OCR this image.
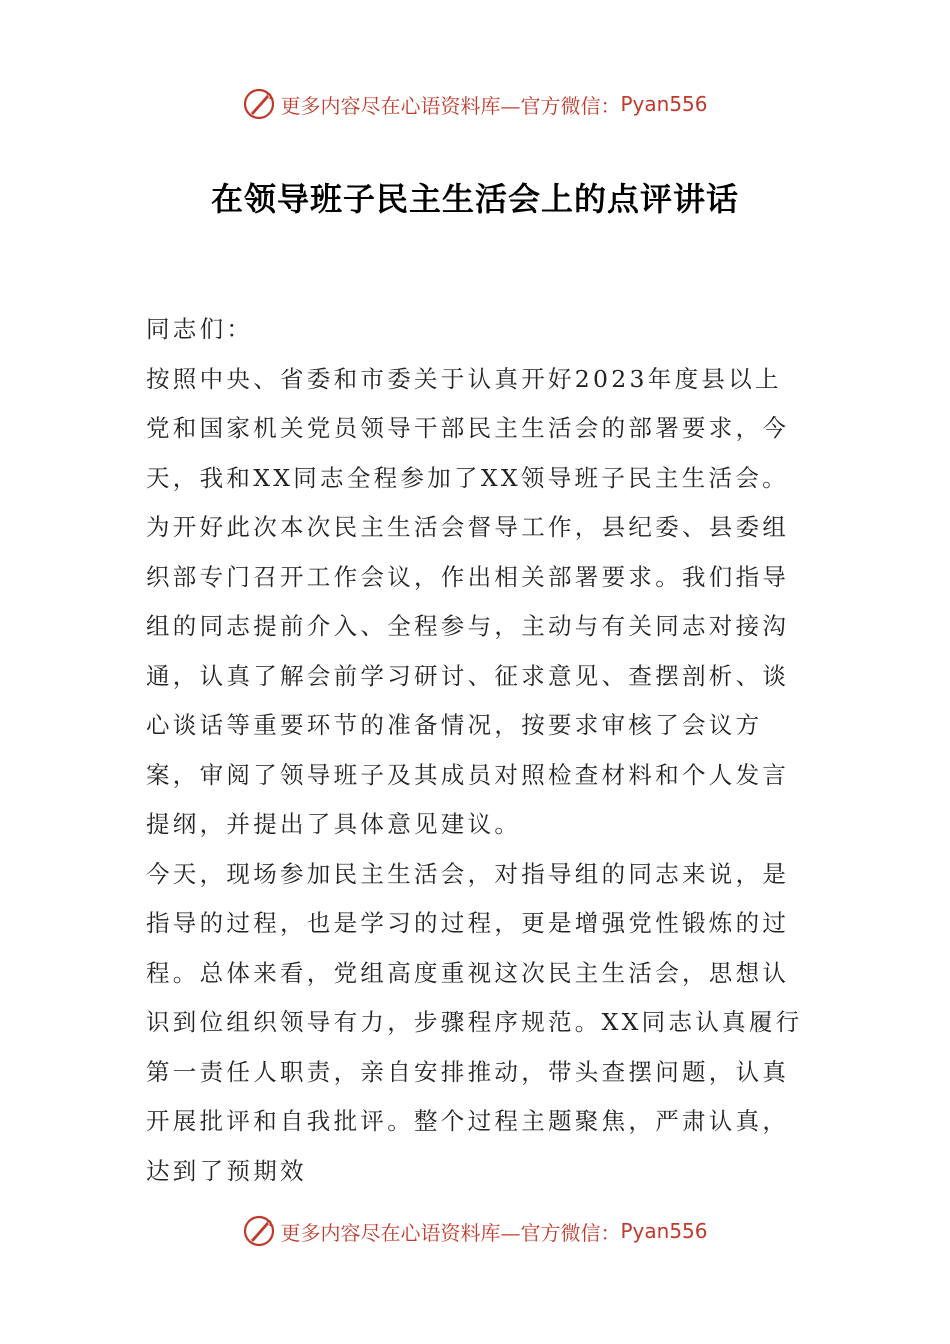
更多内容尽在心语资料库—官方微信： Pyan556
在领导班子民主生活会上的点评讲话

同志们：

按照中央、省委和市委关于认真开好2023年度县以上党和国家机关党员领导干部民主生活会的部署要求，今天，我和XX同志全程参加了XX领导班子民主生活会。

为开好此次本次民主生活会督导工作，县纪委、县委组织部专门召开工作会议，作出相关部署要求。我们指导组的同志提前介入、全程参与，主动与有关同志对接沟通，认真了解会前学习研讨、征求意见、查摆剖析、谈心谈话等重要环节的准备情况，按要求审核了会议方案，审阅了领导班子及其成员对照检查材料和个人发言提纲，并提出了具体意见建议。

今天，现场参加民主生活会，对指导组的同志来说，是指导的过程，也是学习的过程，更是增强党性锻炼的过程。总体来看，党组高度重视这次民主生活会，思想认识到位组织领导有力，步骤程序规范。XX同志认真履行第一责任人职责，亲自安排推动，带头查摆问题，认真开展批评和自我批评。整个过程主题聚焦，严肃认真，达到了预期效

更多内容尽在心语资料库—官方微信： Pyan556
